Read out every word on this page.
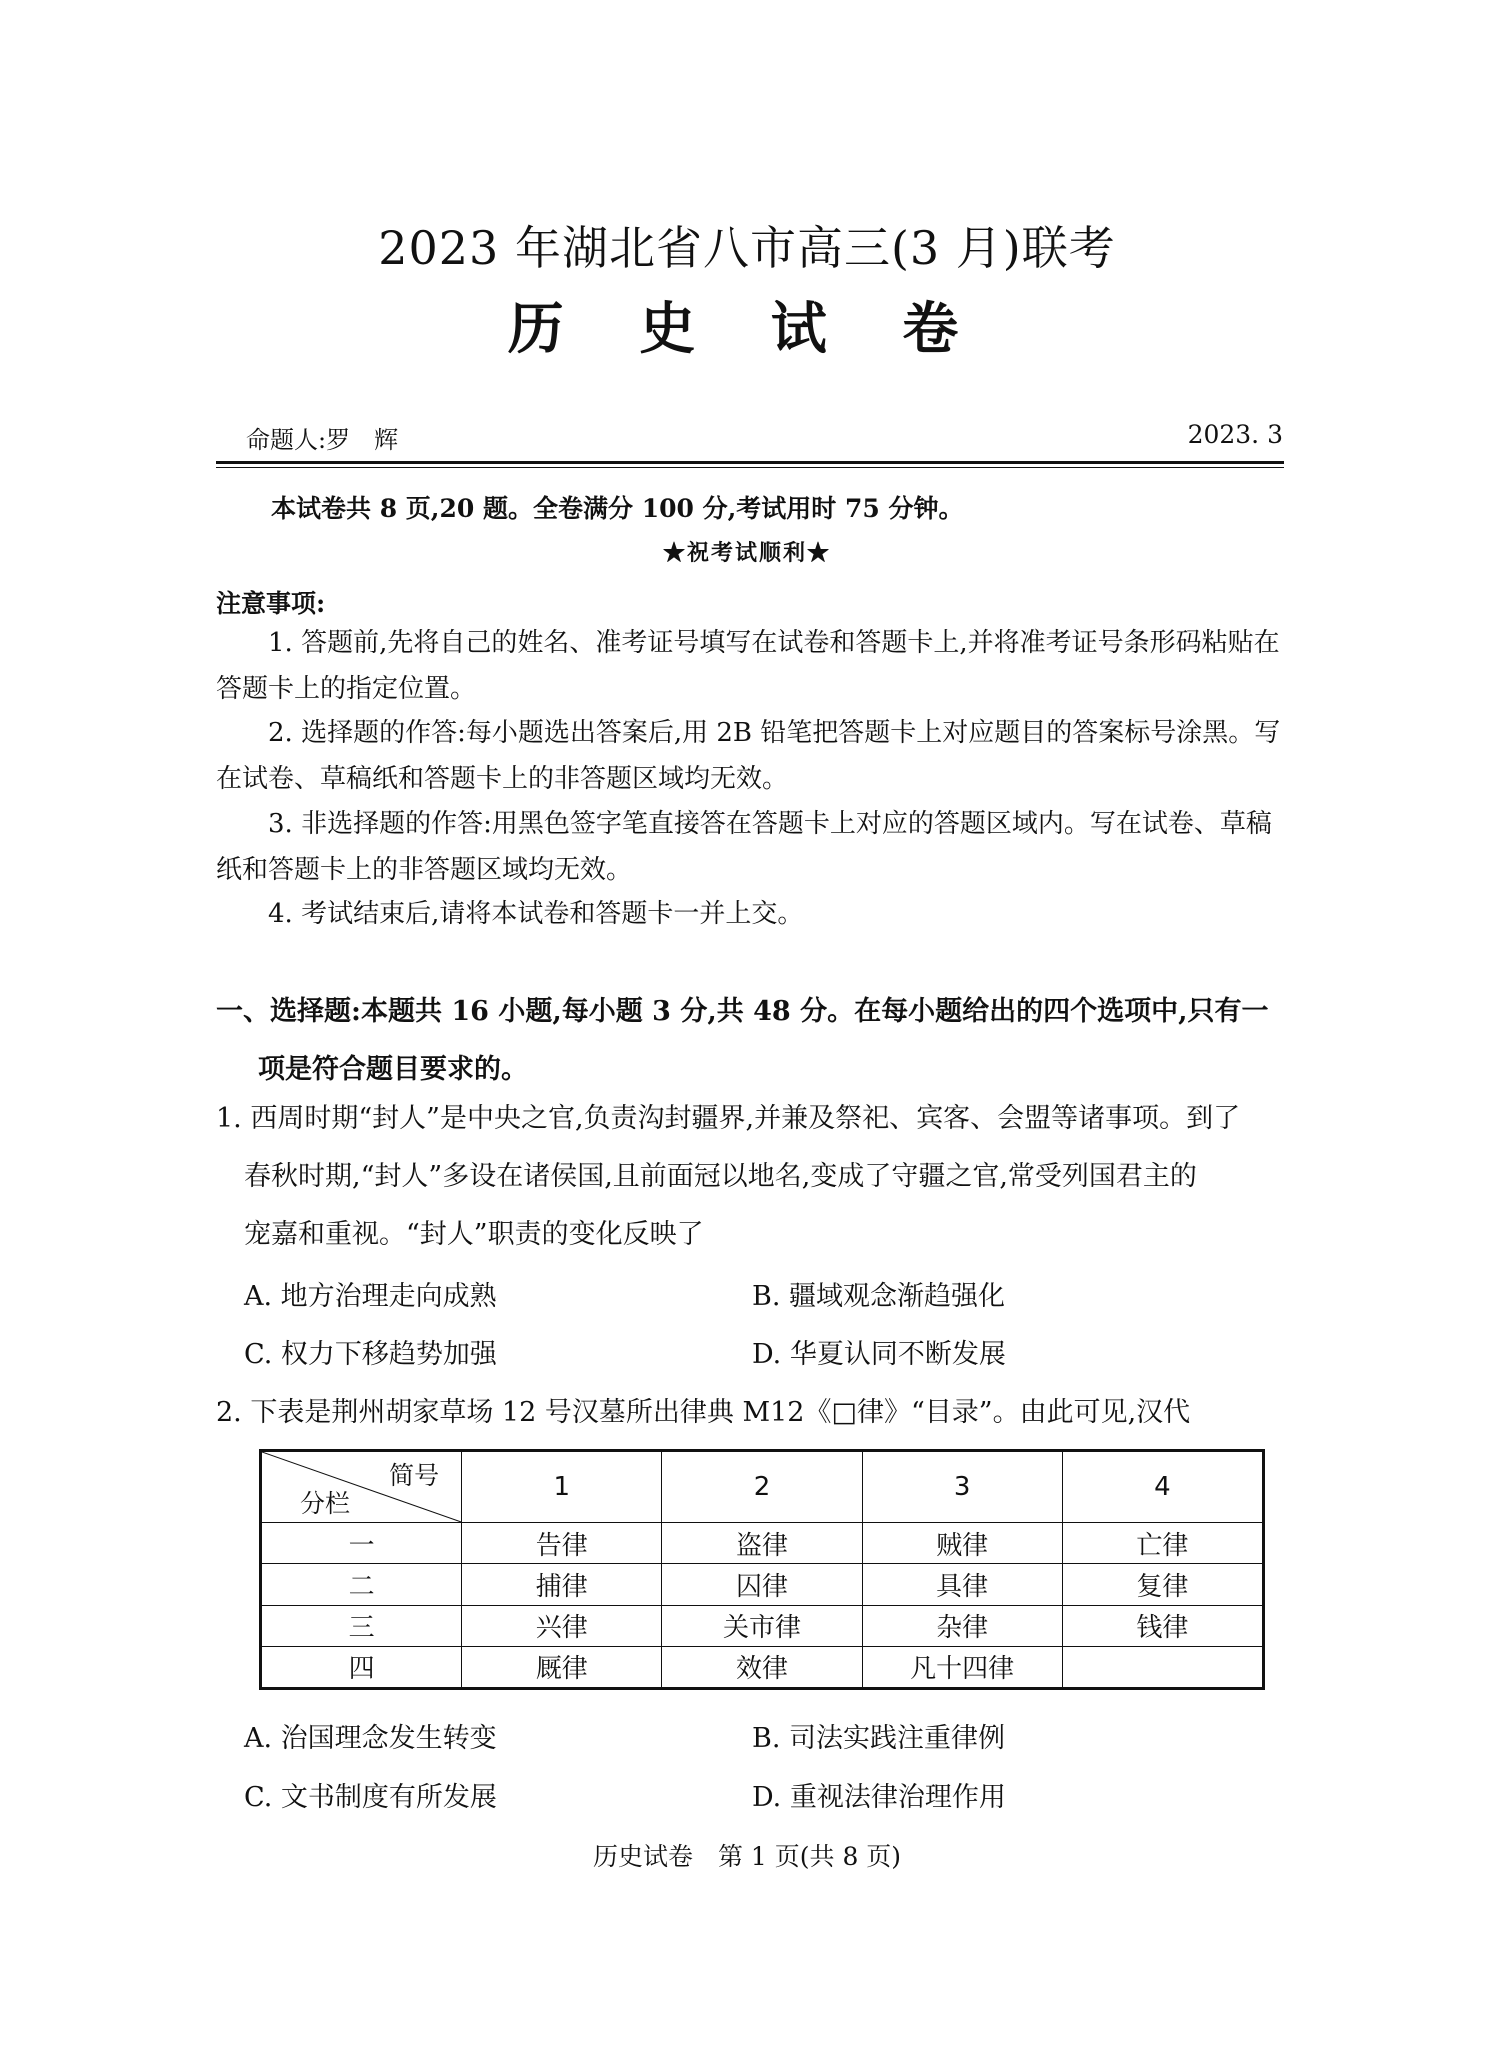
2023 年湖北省八市高三(3 月)联考
历 史 试 卷
命题人:罗　辉	2023. 3
本试卷共 8 页,20 题。全卷满分 100 分,考试用时 75 分钟。
★祝考试顺利★
注意事项:
1. 答题前,先将自己的姓名、准考证号填写在试卷和答题卡上,并将准考证号条形码粘贴在答题卡上的指定位置。
2. 选择题的作答:每小题选出答案后,用 2B 铅笔把答题卡上对应题目的答案标号涂黑。写在试卷、草稿纸和答题卡上的非答题区域均无效。
3. 非选择题的作答:用黑色签字笔直接答在答题卡上对应的答题区域内。写在试卷、草稿纸和答题卡上的非答题区域均无效。
4. 考试结束后,请将本试卷和答题卡一并上交。
一、选择题:本题共 16 小题,每小题 3 分,共 48 分。在每小题给出的四个选项中,只有一
项是符合题目要求的。
1. 西周时期“封人”是中央之官,负责沟封疆界,并兼及祭祀、宾客、会盟等诸事项。到了
春秋时期,“封人”多设在诸侯国,且前面冠以地名,变成了守疆之官,常受列国君主的
宠嘉和重视。“封人”职责的变化反映了
A. 地方治理走向成熟	B. 疆域观念渐趋强化
C. 权力下移趋势加强	D. 华夏认同不断发展
2. 下表是荆州胡家草场 12 号汉墓所出律典 M12《□律》“目录”。由此可见,汉代
简号
分栏	1	2	3	4
一	告律	盗律	贼律	亡律
二	捕律	囚律	具律	复律
三	兴律	关市律	杂律	钱律
四	厩律	效律	凡十四律	
A. 治国理念发生转变	B. 司法实践注重律例
C. 文书制度有所发展	D. 重视法律治理作用
历史试卷　第 1 页(共 8 页)
